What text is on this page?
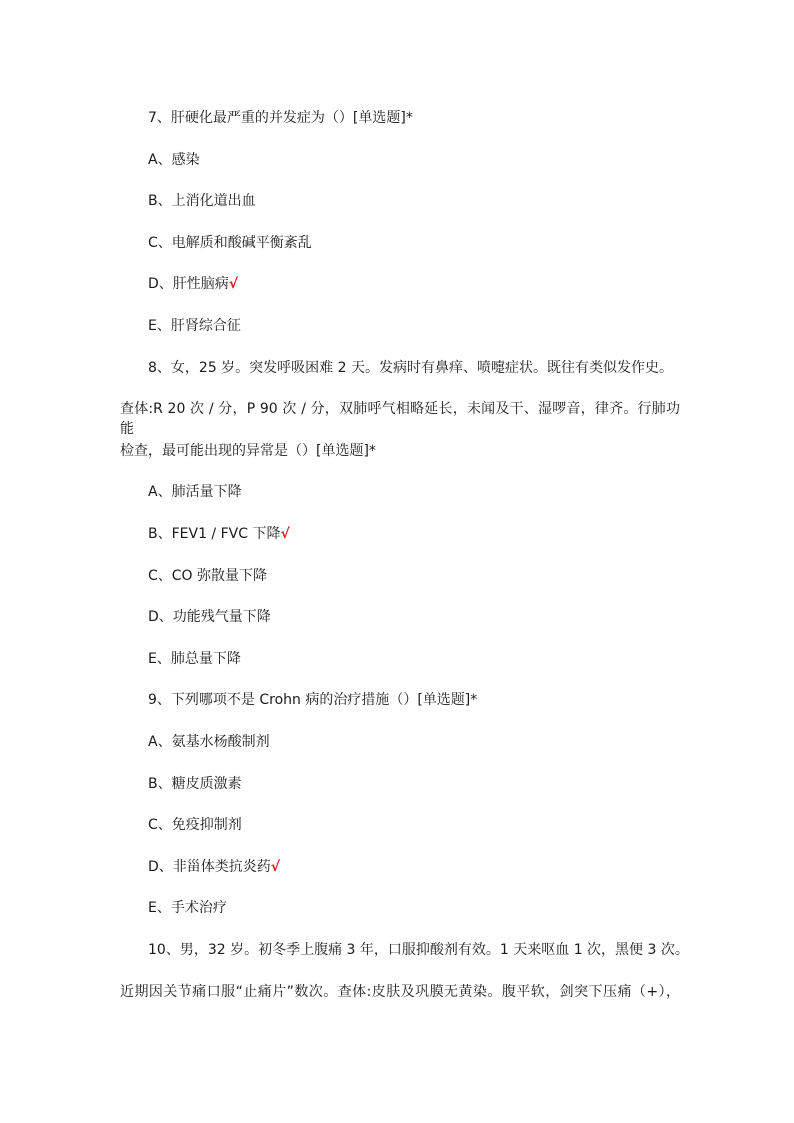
7、肝硬化最严重的并发症为（）[单选题]*
A、感染
B、上消化道出血
C、电解质和酸碱平衡紊乱
D、肝性脑病√
E、肝肾综合征
8、女，25 岁。突发呼吸困难 2 天。发病时有鼻痒、喷嚏症状。既往有类似发作史。
查体:R 20 次 / 分，P 90 次 / 分，双肺呼气相略延长，未闻及干、湿啰音，律齐。行肺功能
检查，最可能出现的异常是（）[单选题]*
A、肺活量下降
B、FEV1 / FVC 下降√
C、CO 弥散量下降
D、功能残气量下降
E、肺总量下降
9、下列哪项不是 Crohn 病的治疗措施（）[单选题]*
A、氨基水杨酸制剂
B、糖皮质激素
C、免疫抑制剂
D、非甾体类抗炎药√
E、手术治疗
10、男，32 岁。初冬季上腹痛 3 年，口服抑酸剂有效。1 天来呕血 1 次，黑便 3 次。
近期因关节痛口服“止痛片”数次。查体:皮肤及巩膜无黄染。腹平软，剑突下压痛（+），
